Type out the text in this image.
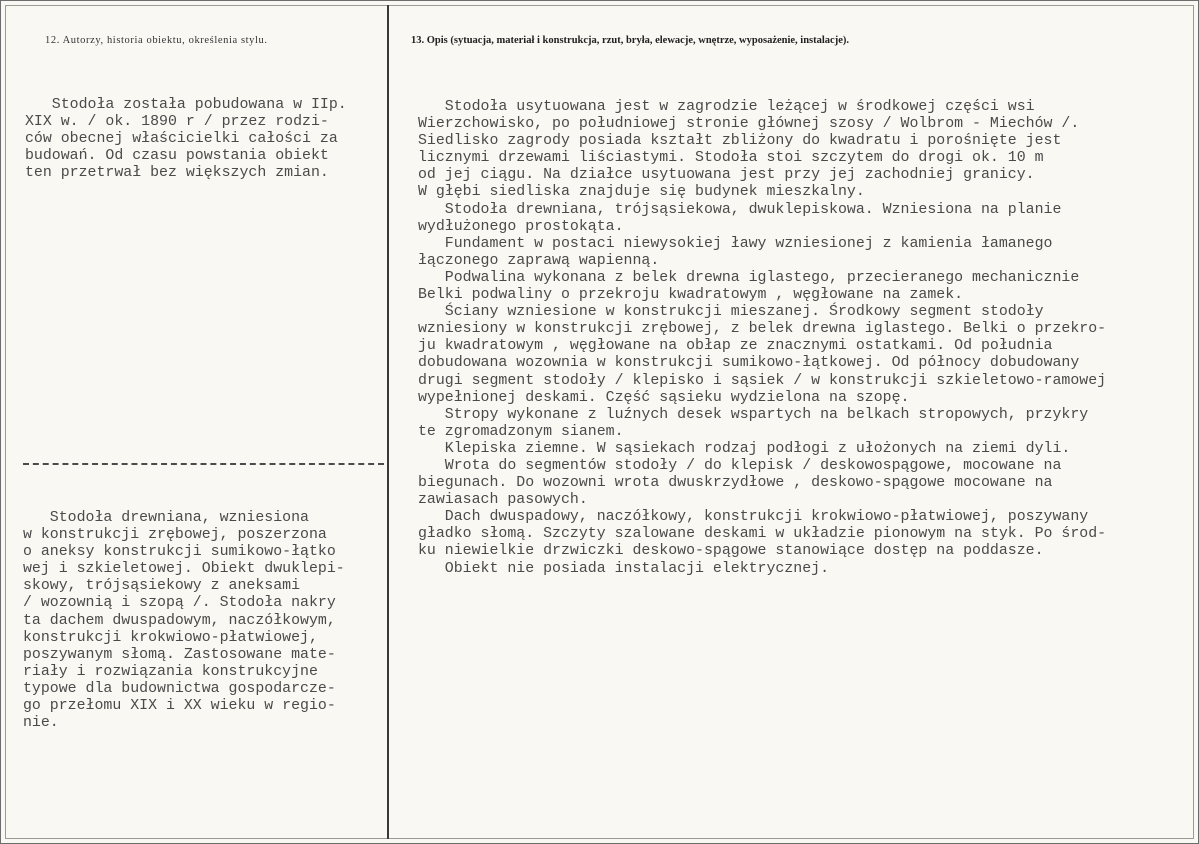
12. Autorzy, historia obiektu, określenia stylu.	13. Opis (sytuacja, materiał i konstrukcja, rzut, bryła, elewacje, wnętrze, wyposażenie, instalacje).
Stodoła została pobudowana w IIp.
XIX w. / ok. 1890 r / przez rodzi-
ców obecnej właścicielki całości za
budowań. Od czasu powstania obiekt
ten przetrwał bez większych zmian.
Stodoła drewniana, wzniesiona
w konstrukcji zrębowej, poszerzona
o aneksy konstrukcji sumikowo-łątko
wej i szkieletowej. Obiekt dwuklepi-
skowy, trójsąsiekowy z aneksami
/ wozownią i szopą /. Stodoła nakry
ta dachem dwuspadowym, naczółkowym,
konstrukcji krokwiowo-płatwiowej,
poszywanym słomą. Zastosowane mate-
riały i rozwiązania konstrukcyjne
typowe dla budownictwa gospodarcze-
go przełomu XIX i XX wieku w regio-
nie.
Stodoła usytuowana jest w zagrodzie leżącej w środkowej części wsi
Wierzchowisko, po południowej stronie głównej szosy / Wolbrom - Miechów /.
Siedlisko zagrody posiada kształt zbliżony do kwadratu i porośnięte jest
licznymi drzewami liściastymi. Stodoła stoi szczytem do drogi ok. 10 m
od jej ciągu. Na działce usytuowana jest przy jej zachodniej granicy.
W głębi siedliska znajduje się budynek mieszkalny.
Stodoła drewniana, trójsąsiekowa, dwuklepiskowa. Wzniesiona na planie
wydłużonego prostokąta.
Fundament w postaci niewysokiej ławy wzniesionej z kamienia łamanego
łączonego zaprawą wapienną.
Podwalina wykonana z belek drewna iglastego, przecieranego mechanicznie
Belki podwaliny o przekroju kwadratowym , węgłowane na zamek.
Ściany wzniesione w konstrukcji mieszanej. Środkowy segment stodoły
wzniesiony w konstrukcji zrębowej, z belek drewna iglastego. Belki o przekro-
ju kwadratowym , węgłowane na obłap ze znacznymi ostatkami. Od południa
dobudowana wozownia w konstrukcji sumikowo-łątkowej. Od północy dobudowany
drugi segment stodoły / klepisko i sąsiek / w konstrukcji szkieletowo-ramowej
wypełnionej deskami. Część sąsieku wydzielona na szopę.
Stropy wykonane z luźnych desek wspartych na belkach stropowych, przykry
te zgromadzonym sianem.
Klepiska ziemne. W sąsiekach rodzaj podłogi z ułożonych na ziemi dyli.
Wrota do segmentów stodoły / do klepisk / deskowospągowe, mocowane na
biegunach. Do wozowni wrota dwuskrzydłowe , deskowo-spągowe mocowane na
zawiasach pasowych.
Dach dwuspadowy, naczółkowy, konstrukcji krokwiowo-płatwiowej, poszywany
gładko słomą. Szczyty szalowane deskami w układzie pionowym na styk. Po środ-
ku niewielkie drzwiczki deskowo-spągowe stanowiące dostęp na poddasze.
Obiekt nie posiada instalacji elektrycznej.
